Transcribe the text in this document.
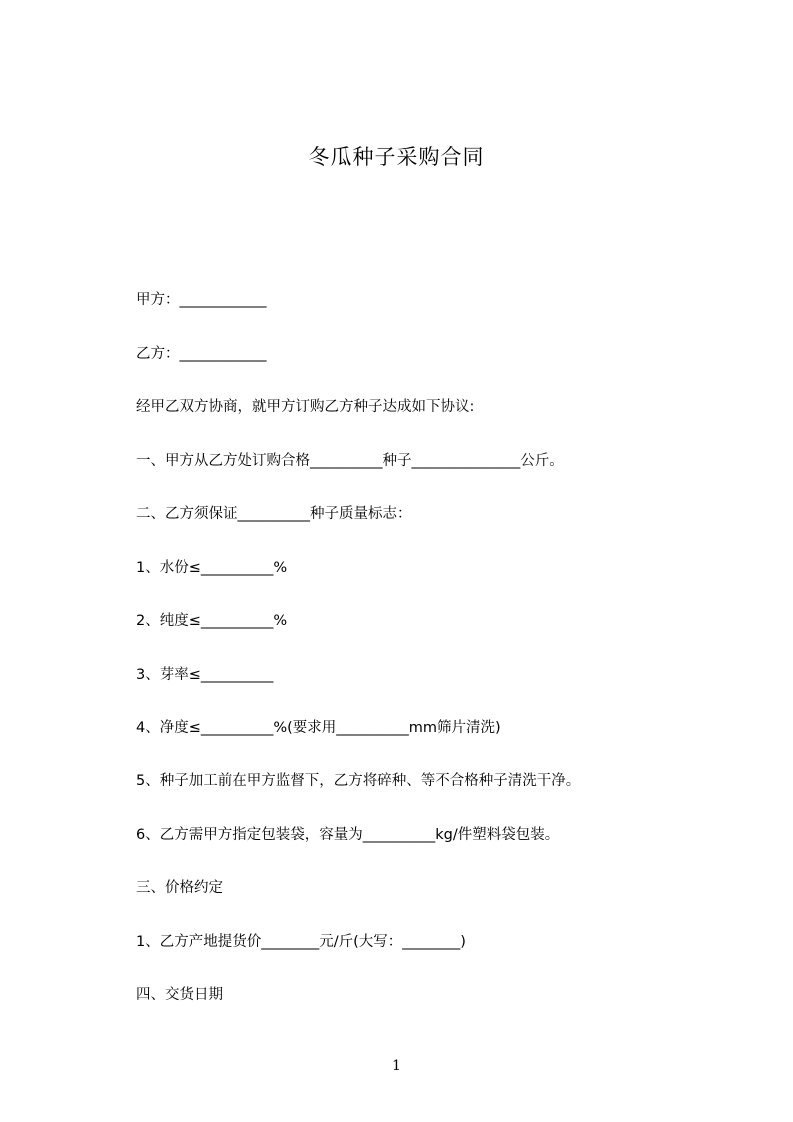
冬瓜种子采购合同
甲方：____________
乙方：____________
经甲乙双方协商，就甲方订购乙方种子达成如下协议:
一、甲方从乙方处订购合格__________种子_______________公斤。
二、乙方须保证__________种子质量标志：
1、水份≤__________%
2、纯度≤__________%
3、芽率≤__________
4、净度≤__________%(要求用__________mm筛片清洗)
5、种子加工前在甲方监督下，乙方将碎种、等不合格种子清洗干净。
6、乙方需甲方指定包装袋，容量为__________kg/件塑料袋包装。
三、价格约定
1、乙方产地提货价________元/斤(大写：________)
四、交货日期
1
